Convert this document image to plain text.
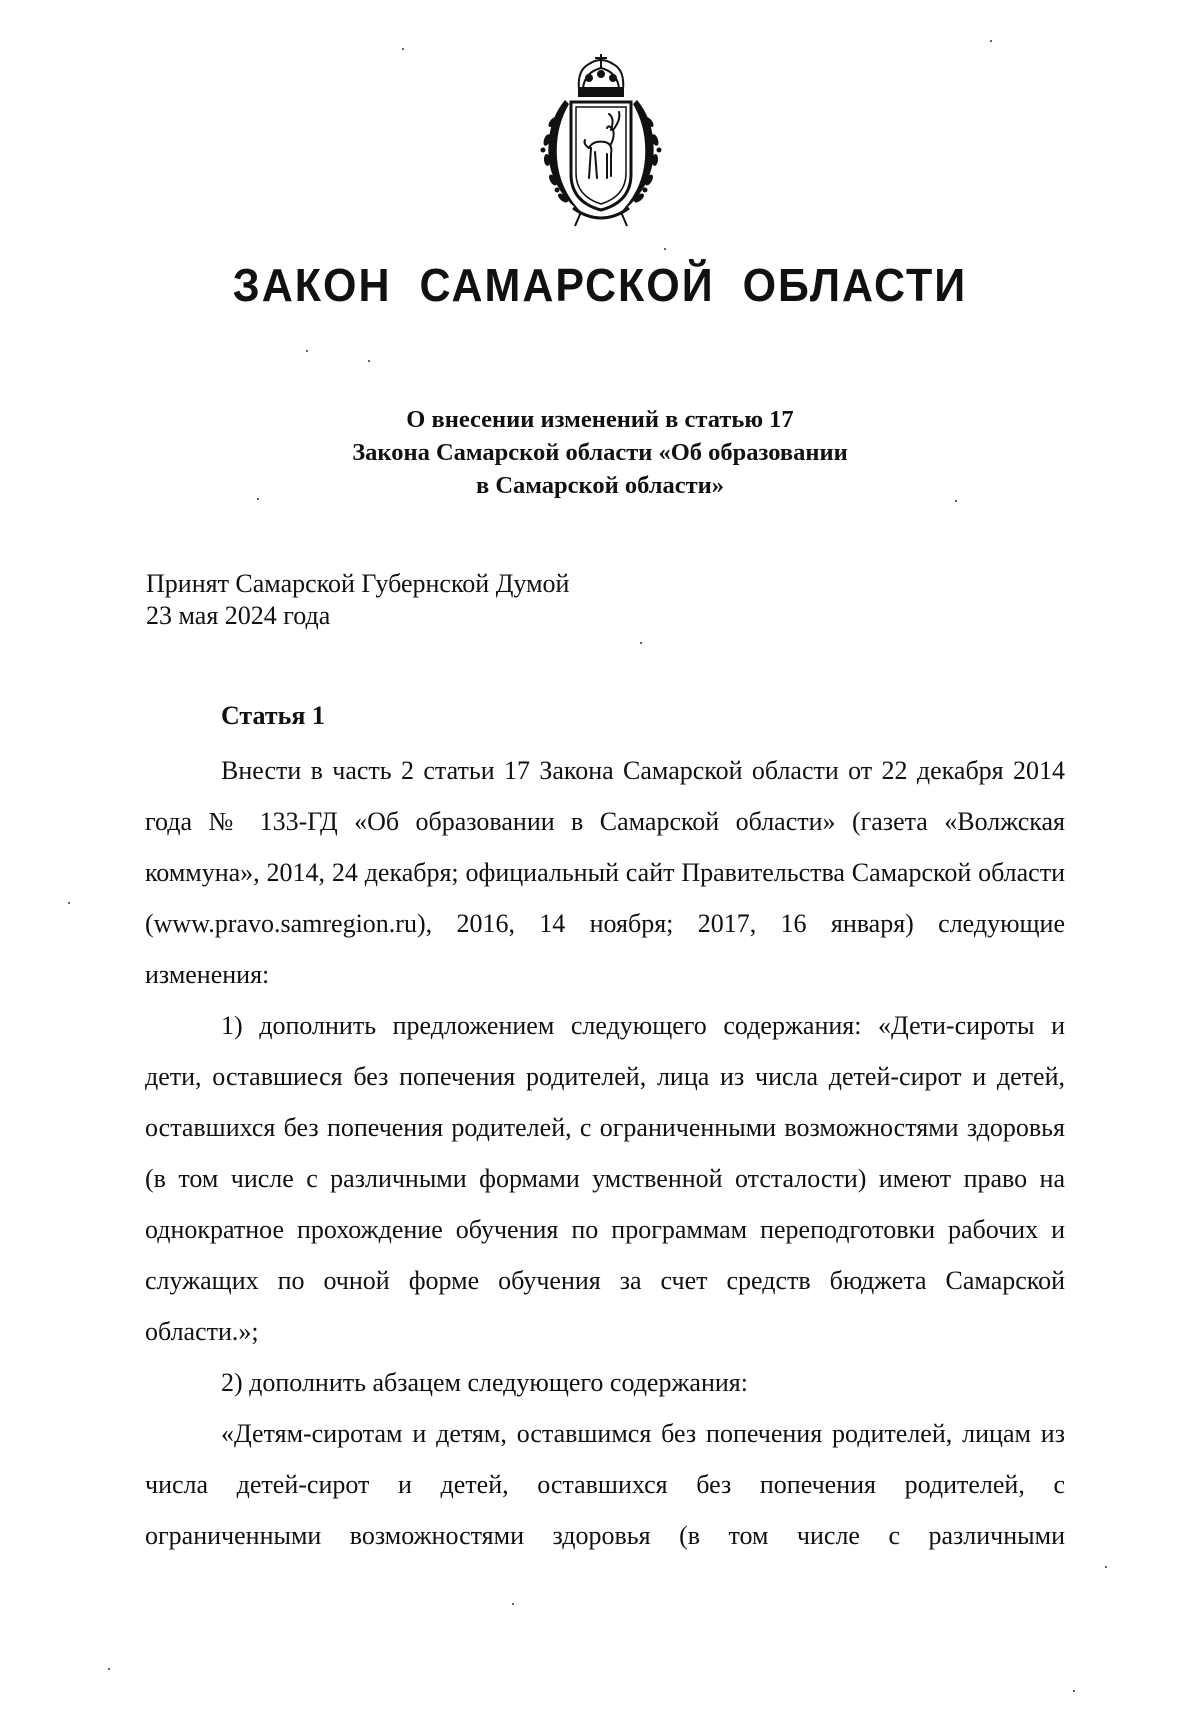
ЗАКОН САМАРСКОЙ ОБЛАСТИ
О внесении изменений в статью 17
Закона Самарской области «Об образовании
в Самарской области»
Принят Самарской Губернской Думой
23 мая 2024 года
Статья 1
Внести в часть 2 статьи 17 Закона Самарской области от 22 декабря 2014 года № 133-ГД «Об образовании в Самарской области» (газета «Волжская коммуна», 2014, 24 декабря; официальный сайт Правительства Самарской области (www.pravo.samregion.ru), 2016, 14 ноября; 2017, 16 января) следующие изменения:
1) дополнить предложением следующего содержания: «Дети-сироты и дети, оставшиеся без попечения родителей, лица из числа детей-сирот и детей, оставшихся без попечения родителей, с ограниченными возможностями здоровья (в том числе с различными формами умственной отсталости) имеют право на однократное прохождение обучения по программам переподготовки рабочих и служащих по очной форме обучения за счет средств бюджета Самарской области.»;
2) дополнить абзацем следующего содержания:
«Детям-сиротам и детям, оставшимся без попечения родителей, лицам из числа детей-сирот и детей, оставшихся без попечения родителей, с ограниченными возможностями здоровья (в том числе с различными
